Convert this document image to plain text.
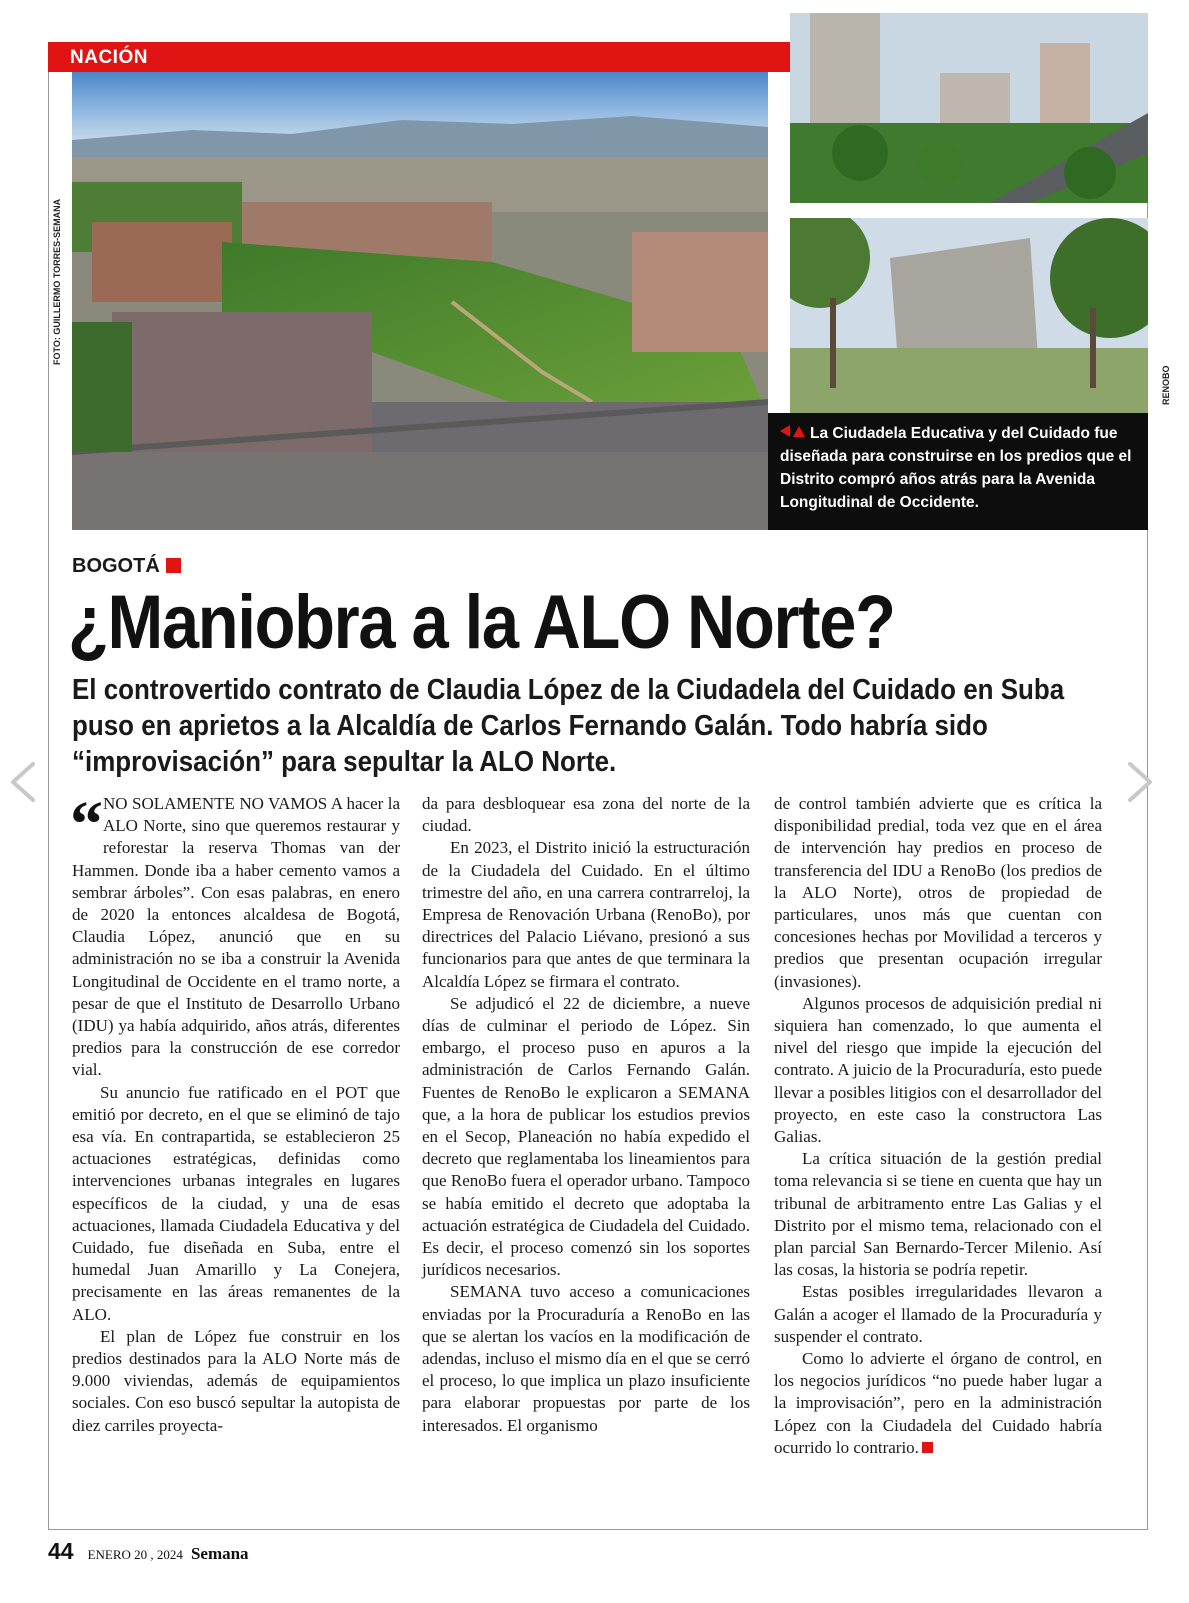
NACIÓN
FOTO: GUILLERMO TORRES-SEMANA
RENOBO
La Ciudadela Educativa y del Cuidado fue diseñada para construirse en los predios que el Distrito compró años atrás para la Avenida Longitudinal de Occidente.
BOGOTÁ
¿Maniobra a la ALO Norte?
El controvertido contrato de Claudia López de la Ciudadela del Cuidado en Suba puso en aprietos a la Alcaldía de Carlos Fernando Galán. Todo habría sido “improvisación” para sepultar la ALO Norte.

“ NO SOLAMENTE NO VAMOS A hacer la ALO Norte, sino que queremos restaurar y reforestar la reserva Thomas van der Hammen. Donde iba a haber cemento vamos a sembrar árboles”. Con esas palabras, en enero de 2020 la entonces alcaldesa de Bogotá, Claudia López, anunció que en su administración no se iba a construir la Avenida Longitudinal de Occidente en el tramo norte, a pesar de que el Instituto de Desarrollo Urbano (IDU) ya había adquirido, años atrás, diferentes predios para la construcción de ese corredor vial.

Su anuncio fue ratificado en el POT que emitió por decreto, en el que se eliminó de tajo esa vía. En contrapartida, se establecieron 25 actuaciones estratégicas, definidas como intervenciones urbanas integrales en lugares específicos de la ciudad, y una de esas actuaciones, llamada Ciudadela Educativa y del Cuidado, fue diseñada en Suba, entre el humedal Juan Amarillo y La Conejera, precisamente en las áreas remanentes de la ALO.

El plan de López fue construir en los predios destinados para la ALO Norte más de 9.000 viviendas, además de equipamientos sociales. Con eso buscó sepultar la autopista de diez carriles proyecta-

da para desbloquear esa zona del norte de la ciudad.

En 2023, el Distrito inició la estructuración de la Ciudadela del Cuidado. En el último trimestre del año, en una carrera contrarreloj, la Empresa de Renovación Urbana (RenoBo), por directrices del Palacio Liévano, presionó a sus funcionarios para que antes de que terminara la Alcaldía López se firmara el contrato.

Se adjudicó el 22 de diciembre, a nueve días de culminar el periodo de López. Sin embargo, el proceso puso en apuros a la administración de Carlos Fernando Galán. Fuentes de RenoBo le explicaron a SEMANA que, a la hora de publicar los estudios previos en el Secop, Planeación no había expedido el decreto que reglamentaba los lineamientos para que RenoBo fuera el operador urbano. Tampoco se había emitido el decreto que adoptaba la actuación estratégica de Ciudadela del Cuidado. Es decir, el proceso comenzó sin los soportes jurídicos necesarios.

SEMANA tuvo acceso a comunicaciones enviadas por la Procuraduría a RenoBo en las que se alertan los vacíos en la modificación de adendas, incluso el mismo día en el que se cerró el proceso, lo que implica un plazo insuficiente para elaborar propuestas por parte de los interesados. El organismo

de control también advierte que es crítica la disponibilidad predial, toda vez que en el área de intervención hay predios en proceso de transferencia del IDU a RenoBo (los predios de la ALO Norte), otros de propiedad de particulares, unos más que cuentan con concesiones hechas por Movilidad a terceros y predios que presentan ocupación irregular (invasiones).

Algunos procesos de adquisición predial ni siquiera han comenzado, lo que aumenta el nivel del riesgo que impide la ejecución del contrato. A juicio de la Procuraduría, esto puede llevar a posibles litigios con el desarrollador del proyecto, en este caso la constructora Las Galias.

La crítica situación de la gestión predial toma relevancia si se tiene en cuenta que hay un tribunal de arbitramento entre Las Galias y el Distrito por el mismo tema, relacionado con el plan parcial San Bernardo-Tercer Milenio. Así las cosas, la historia se podría repetir.

Estas posibles irregularidades llevaron a Galán a acoger el llamado de la Procuraduría y suspender el contrato.

Como lo advierte el órgano de control, en los negocios jurídicos “no puede haber lugar a la improvisación”, pero en la administración López con la Ciudadela del Cuidado habría ocurrido lo contrario.

44 ENERO 20 , 2024 Semana
